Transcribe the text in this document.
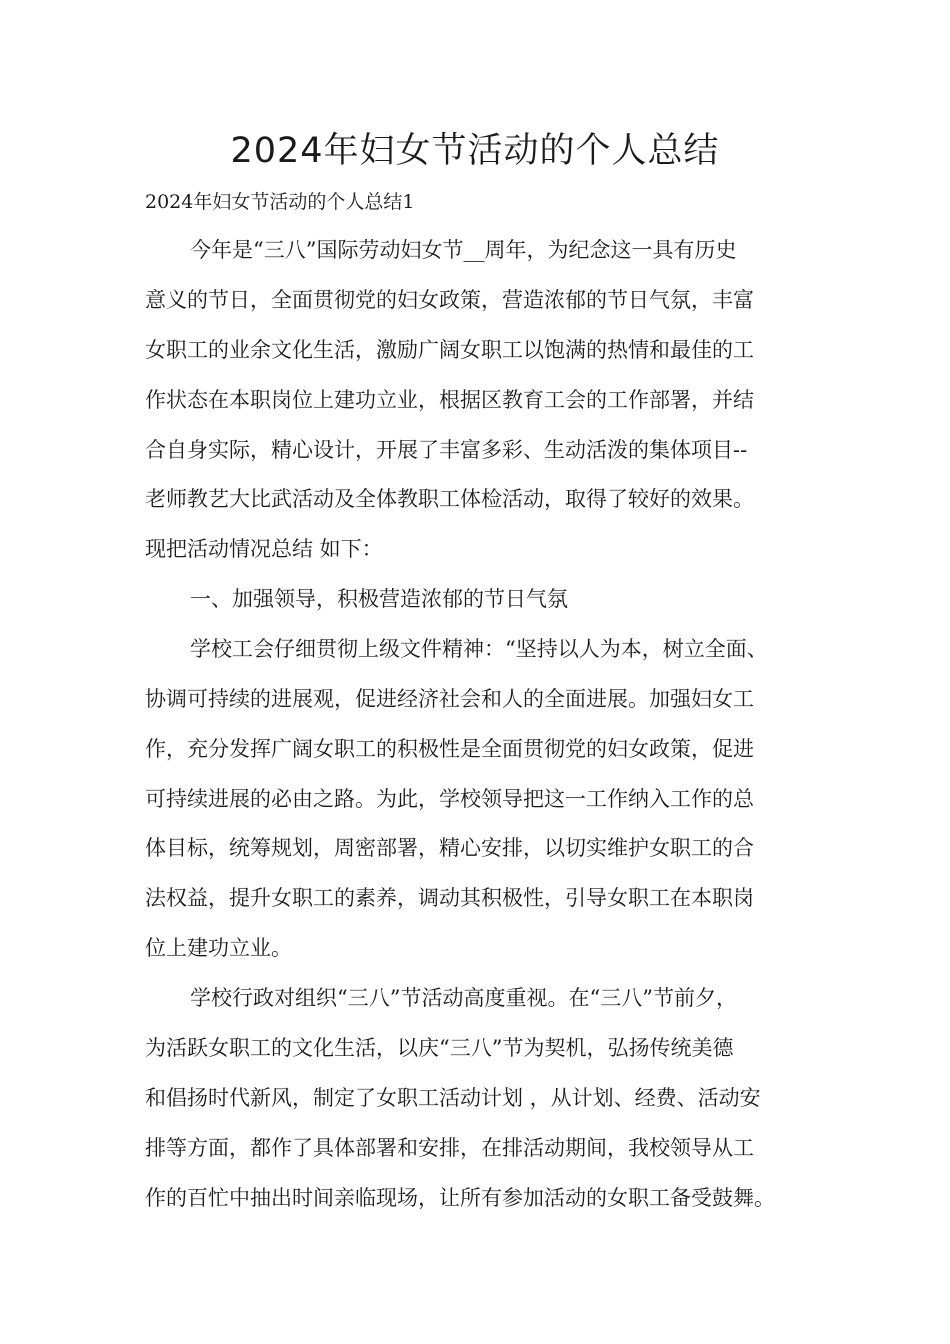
2024年妇女节活动的个人总结
2024年妇女节活动的个人总结1
今年是“三八”国际劳动妇女节__周年，为纪念这一具有历史
意义的节日，全面贯彻党的妇女政策，营造浓郁的节日气氛，丰富
女职工的业余文化生活，激励广阔女职工以饱满的热情和最佳的工
作状态在本职岗位上建功立业，根据区教育工会的工作部署，并结
合自身实际，精心设计，开展了丰富多彩、生动活泼的集体项目--
老师教艺大比武活动及全体教职工体检活动，取得了较好的效果。
现把活动情况总结 如下：
一、加强领导，积极营造浓郁的节日气氛
学校工会仔细贯彻上级文件精神：“坚持以人为本，树立全面、
协调可持续的进展观，促进经济社会和人的全面进展。加强妇女工
作，充分发挥广阔女职工的积极性是全面贯彻党的妇女政策，促进
可持续进展的必由之路。为此，学校领导把这一工作纳入工作的总
体目标，统筹规划，周密部署，精心安排，以切实维护女职工的合
法权益，提升女职工的素养，调动其积极性，引导女职工在本职岗
位上建功立业。
学校行政对组织“三八”节活动高度重视。在“三八”节前夕，
为活跃女职工的文化生活，以庆“三八”节为契机，弘扬传统美德
和倡扬时代新风，制定了女职工活动计划 ，从计划、经费、活动安
排等方面，都作了具体部署和安排，在排活动期间，我校领导从工
作的百忙中抽出时间亲临现场，让所有参加活动的女职工备受鼓舞。
